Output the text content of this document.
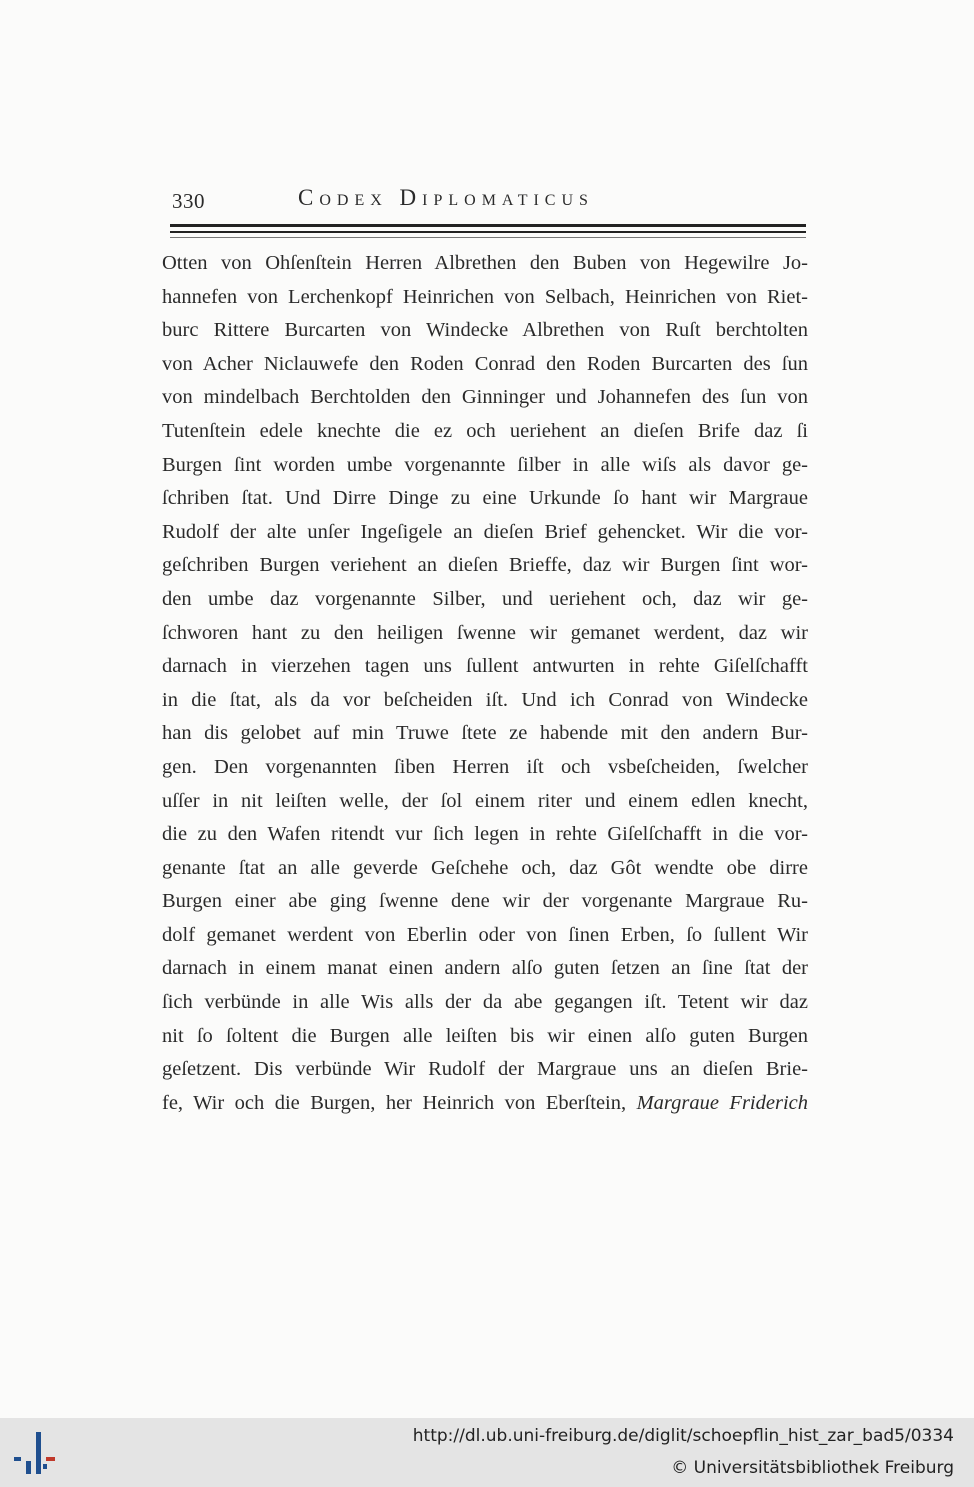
330	Codex Diplomaticus
Otten von Ohſenſtein Herren Albrethen den Buben von Hegewilre Jo-
hannefen von Lerchenkopf Heinrichen von Selbach, Heinrichen von Riet-
burc Rittere Burcarten von Windecke Albrethen von Ruſt berchtolten
von Acher Niclauwefe den Roden Conrad den Roden Burcarten des ſun
von mindelbach Berchtolden den Ginninger und Johannefen des ſun von
Tutenſtein edele knechte die ez och ueriehent an dieſen Brife daz ſi
Burgen ſint worden umbe vorgenannte ſilber in alle wiſs als davor ge-
ſchriben ſtat. Und Dirre Dinge zu eine Urkunde ſo hant wir Margraue
Rudolf der alte unſer Ingeſigele an dieſen Brief gehencket. Wir die vor-
geſchriben Burgen veriehent an dieſen Brieffe, daz wir Burgen ſint wor-
den umbe daz vorgenannte Silber, und ueriehent och, daz wir ge-
ſchworen hant zu den heiligen ſwenne wir gemanet werdent, daz wir
darnach in vierzehen tagen uns ſullent antwurten in rehte Giſelſchafft
in die ſtat, als da vor beſcheiden iſt. Und ich Conrad von Windecke
han dis gelobet auf min Truwe ſtete ze habende mit den andern Bur-
gen. Den vorgenannten ſiben Herren iſt och vsbeſcheiden, ſwelcher
uſſer in nit leiſten welle, der ſol einem riter und einem edlen knecht,
die zu den Wafen ritendt vur ſich legen in rehte Giſelſchafft in die vor-
genante ſtat an alle geverde Geſchehe och, daz Gôt wendte obe dirre
Burgen einer abe ging ſwenne dene wir der vorgenante Margraue Ru-
dolf gemanet werdent von Eberlin oder von ſinen Erben, ſo ſullent Wir
darnach in einem manat einen andern alſo guten ſetzen an ſine ſtat der
ſich verbünde in alle Wis alls der da abe gegangen iſt. Tetent wir daz
nit ſo ſoltent die Burgen alle leiſten bis wir einen alſo guten Burgen
geſetzent. Dis verbünde Wir Rudolf der Margraue uns an dieſen Brie-
fe, Wir och die Burgen, her Heinrich von Eberſtein, Margraue Friderich
http://dl.ub.uni-freiburg.de/diglit/schoepflin_hist_zar_bad5/0334
© Universitätsbibliothek Freiburg
